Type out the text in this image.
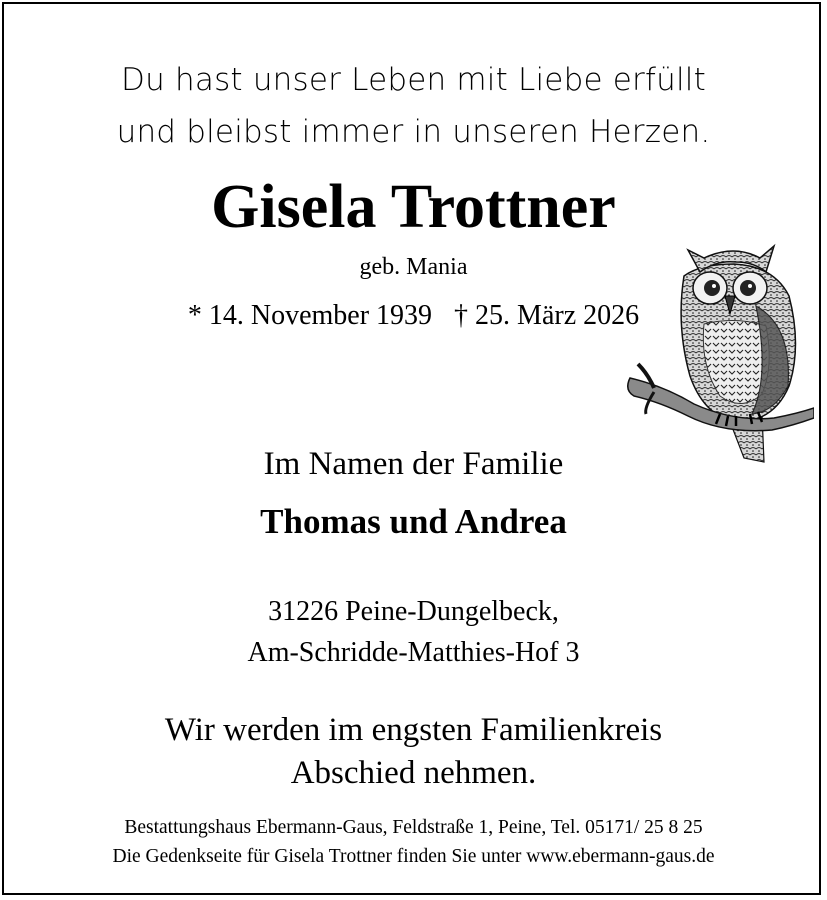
Du hast unser Leben mit Liebe erfüllt
und bleibst immer in unseren Herzen.
Gisela Trottner
geb. Mania
* 14. November 1939 † 25. März 2026
Im Namen der Familie
Thomas und Andrea
31226 Peine-Dungelbeck,
Am-Schridde-Matthies-Hof 3
Wir werden im engsten Familienkreis
Abschied nehmen.
Bestattungshaus Ebermann-Gaus, Feldstraße 1, Peine, Tel. 05171/ 25 8 25
Die Gedenkseite für Gisela Trottner finden Sie unter www.ebermann-gaus.de
